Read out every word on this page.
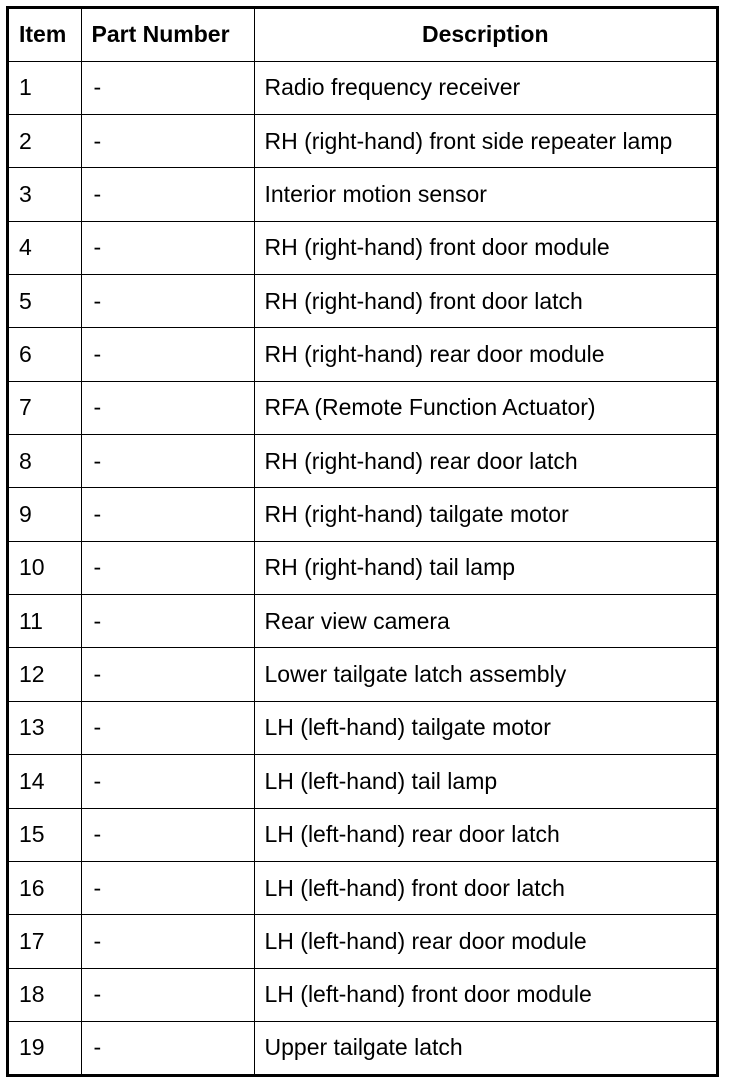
Item	Part Number	Description
1	-	Radio frequency receiver
2	-	RH (right-hand) front side repeater lamp
3	-	Interior motion sensor
4	-	RH (right-hand) front door module
5	-	RH (right-hand) front door latch
6	-	RH (right-hand) rear door module
7	-	RFA (Remote Function Actuator)
8	-	RH (right-hand) rear door latch
9	-	RH (right-hand) tailgate motor
10	-	RH (right-hand) tail lamp
11	-	Rear view camera
12	-	Lower tailgate latch assembly
13	-	LH (left-hand) tailgate motor
14	-	LH (left-hand) tail lamp
15	-	LH (left-hand) rear door latch
16	-	LH (left-hand) front door latch
17	-	LH (left-hand) rear door module
18	-	LH (left-hand) front door module
19	-	Upper tailgate latch
